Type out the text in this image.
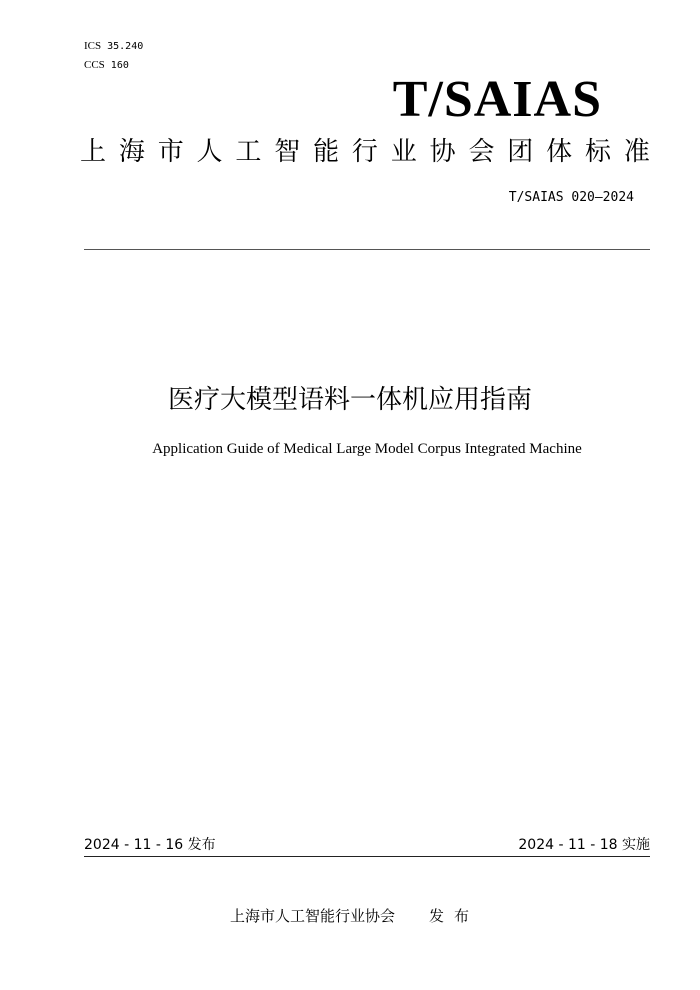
ICS 35.240
CCS 160
T/SAIAS
上 海 市 人 工 智 能 行 业 协 会 团 体 标 准
T/SAIAS 020—2024
医疗大模型语料一体机应用指南
Application Guide of Medical Large Model Corpus Integrated Machine
2024 - 11 - 16 发布	2024 - 11 - 18 实施
上海市人工智能行业协会 发布
